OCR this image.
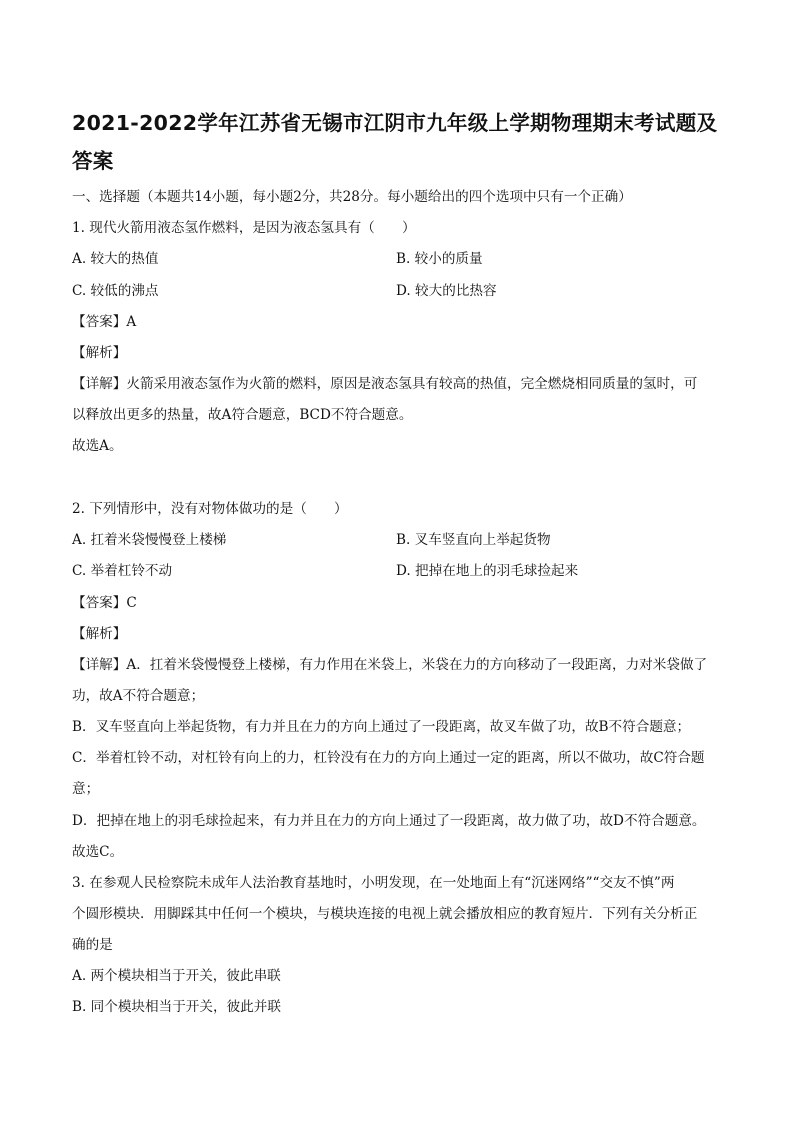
2021-2022学年江苏省无锡市江阴市九年级上学期物理期末考试题及答案
一、选择题（本题共14小题，每小题2分，共28分。每小题给出的四个选项中只有一个正确）
1. 现代火箭用液态氢作燃料，是因为液态氢具有（　　）
A. 较大的热值	B. 较小的质量
C. 较低的沸点	D. 较大的比热容
【答案】A
【解析】
【详解】火箭采用液态氢作为火箭的燃料，原因是液态氢具有较高的热值，完全燃烧相同质量的氢时，可
以释放出更多的热量，故A符合题意，BCD不符合题意。
故选A。
2. 下列情形中，没有对物体做功的是（　　）
A. 扛着米袋慢慢登上楼梯	B. 叉车竖直向上举起货物
C. 举着杠铃不动	D. 把掉在地上的羽毛球捡起来
【答案】C
【解析】
【详解】A．扛着米袋慢慢登上楼梯，有力作用在米袋上，米袋在力的方向移动了一段距离，力对米袋做了
功，故A不符合题意；
B．叉车竖直向上举起货物，有力并且在力的方向上通过了一段距离，故叉车做了功，故B不符合题意；
C．举着杠铃不动，对杠铃有向上的力，杠铃没有在力的方向上通过一定的距离，所以不做功，故C符合题
意；
D．把掉在地上的羽毛球捡起来，有力并且在力的方向上通过了一段距离，故力做了功，故D不符合题意。
故选C。
3. 在参观人民检察院未成年人法治教育基地时，小明发现，在一处地面上有“沉迷网络”“交友不慎”两
个圆形模块．用脚踩其中任何一个模块，与模块连接的电视上就会播放相应的教育短片．下列有关分析正
确的是
A. 两个模块相当于开关，彼此串联
B. 同个模块相当于开关，彼此并联
